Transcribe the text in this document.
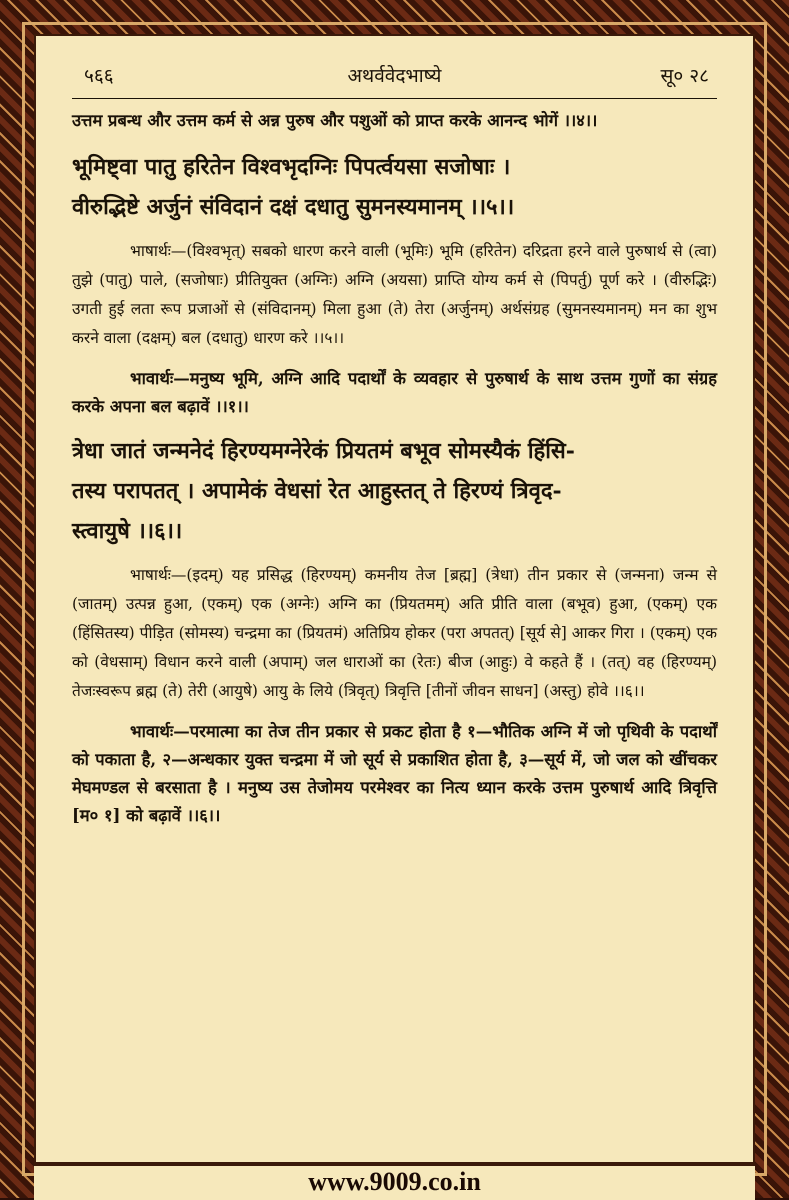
५६६	अथर्ववेदभाष्ये	सू० २८

उत्तम प्रबन्ध और उत्तम कर्म से अन्न पुरुष और पशुओं को प्राप्त करके आनन्द भोगें ।।४।।

भूमिष्ट्वा पातु हरितेन विश्वभृदग्निः पिपर्त्वयसा सजोषाः ।
वीरुद्भिष्टे अर्जुनं संविदानं दक्षं दधातु सुमनस्यमानम् ।।५।।

भाषार्थः—(विश्वभृत्) सबको धारण करने वाली (भूमिः) भूमि (हरितेन) दरिद्रता हरने वाले पुरुषार्थ से (त्वा) तुझे (पातु) पाले, (सजोषाः) प्रीतियुक्त (अग्निः) अग्नि (अयसा) प्राप्ति योग्य कर्म से (पिपर्तु) पूर्ण करे । (वीरुद्भिः) उगती हुई लता रूप प्रजाओं से (संविदानम्) मिला हुआ (ते) तेरा (अर्जुनम्) अर्थसंग्रह (सुमनस्यमानम्) मन का शुभ करने वाला (दक्षम्) बल (दधातु) धारण करे ।।५।।

भावार्थः—मनुष्य भूमि, अग्नि आदि पदार्थों के व्यवहार से पुरुषार्थ के साथ उत्तम गुणों का संग्रह करके अपना बल बढ़ावें ।।१।।

त्रेधा जातं जन्मनेदं हिरण्यमग्नेरेकं प्रियतमं बभूव सोमस्यैकं हिंसि-
तस्य परापतत् । अपामेकं वेधसां रेत आहुस्तत् ते हिरण्यं त्रिवृद-
स्त्वायुषे ।।६।।

भाषार्थः—(इदम्) यह प्रसिद्ध (हिरण्यम्) कमनीय तेज [ब्रह्म] (त्रेधा) तीन प्रकार से (जन्मना) जन्म से (जातम्) उत्पन्न हुआ, (एकम्) एक (अग्नेः) अग्नि का (प्रियतमम्) अति प्रीति वाला (बभूव) हुआ, (एकम्) एक (हिंसितस्य) पीड़ित (सोमस्य) चन्द्रमा का (प्रियतमं) अतिप्रिय होकर (परा अपतत्) [सूर्य से] आकर गिरा । (एकम्) एक को (वेधसाम्) विधान करने वाली (अपाम्) जल धाराओं का (रेतः) बीज (आहुः) वे कहते हैं । (तत्) वह (हिरण्यम्) तेजःस्वरूप ब्रह्म (ते) तेरी (आयुषे) आयु के लिये (त्रिवृत्) त्रिवृत्ति [तीनों जीवन साधन] (अस्तु) होवे ।।६।।

भावार्थः—परमात्मा का तेज तीन प्रकार से प्रकट होता है १—भौतिक अग्नि में जो पृथिवी के पदार्थों को पकाता है, २—अन्धकार युक्त चन्द्रमा में जो सूर्य से प्रकाशित होता है, ३—सूर्य में, जो जल को खींचकर मेघमण्डल से बरसाता है । मनुष्य उस तेजोमय परमेश्वर का नित्य ध्यान करके उत्तम पुरुषार्थ आदि त्रिवृत्ति [म० १] को बढ़ावें ।।६।।

www.9009.co.in
